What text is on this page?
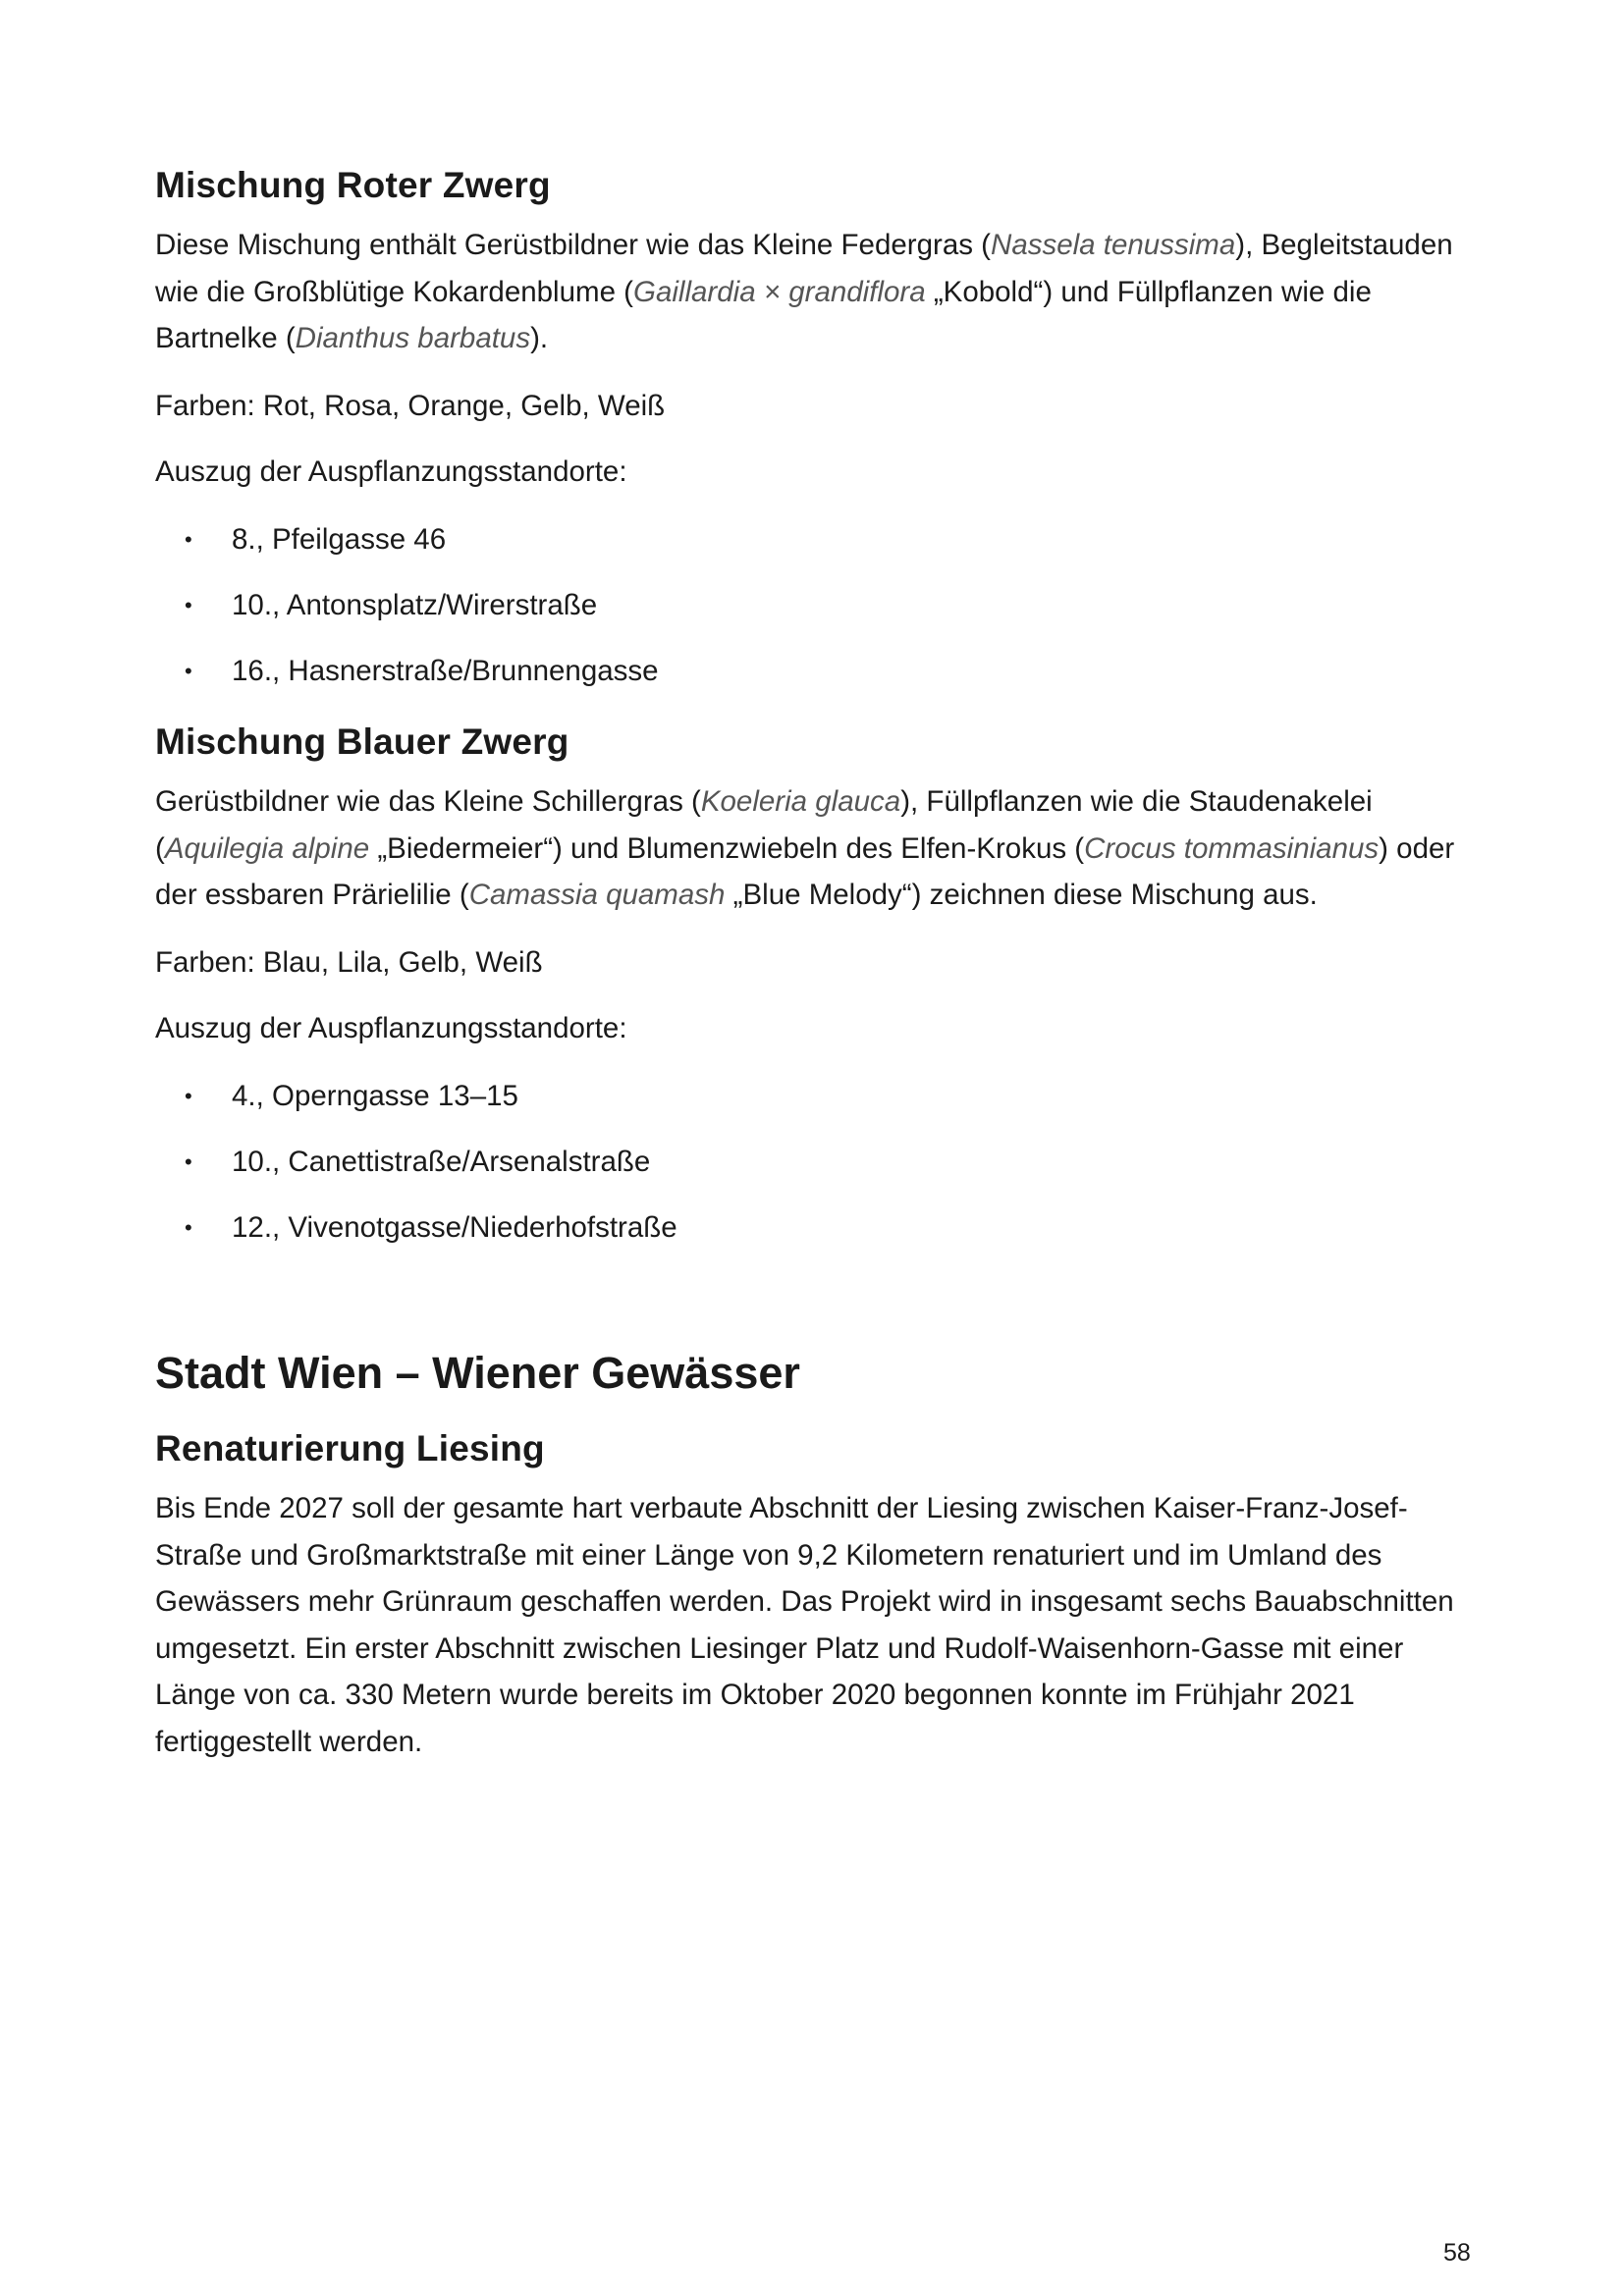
Mischung Roter Zwerg

Diese Mischung enthält Gerüstbildner wie das Kleine Federgras (Nassela tenussima), Begleitstauden wie die Großblütige Kokardenblume (Gaillardia × grandiflora „Kobold“) und Füllpflanzen wie die Bartnelke (Dianthus barbatus).

Farben: Rot, Rosa, Orange, Gelb, Weiß

Auszug der Auspflanzungsstandorte:

• 8., Pfeilgasse 46
• 10., Antonsplatz/Wirerstraße
• 16., Hasnerstraße/Brunnengasse
Mischung Blauer Zwerg

Gerüstbildner wie das Kleine Schillergras (Koeleria glauca), Füllpflanzen wie die Staudenakelei (Aquilegia alpine „Biedermeier“) und Blumenzwiebeln des Elfen-Krokus (Crocus tommasinianus) oder der essbaren Prärielilie (Camassia quamash „Blue Melody“) zeichnen diese Mischung aus.

Farben: Blau, Lila, Gelb, Weiß

Auszug der Auspflanzungsstandorte:

• 4., Operngasse 13–15
• 10., Canettistraße/Arsenalstraße
• 12., Vivenotgasse/Niederhofstraße
Stadt Wien – Wiener Gewässer
Renaturierung Liesing

Bis Ende 2027 soll der gesamte hart verbaute Abschnitt der Liesing zwischen Kaiser-Franz-Josef-Straße und Großmarktstraße mit einer Länge von 9,2 Kilometern renaturiert und im Umland des Gewässers mehr Grünraum geschaffen werden. Das Projekt wird in insgesamt sechs Bauabschnitten umgesetzt. Ein erster Abschnitt zwischen Liesinger Platz und Rudolf-Waisenhorn-Gasse mit einer Länge von ca. 330 Metern wurde bereits im Oktober 2020 begonnen konnte im Frühjahr 2021 fertiggestellt werden.

58
